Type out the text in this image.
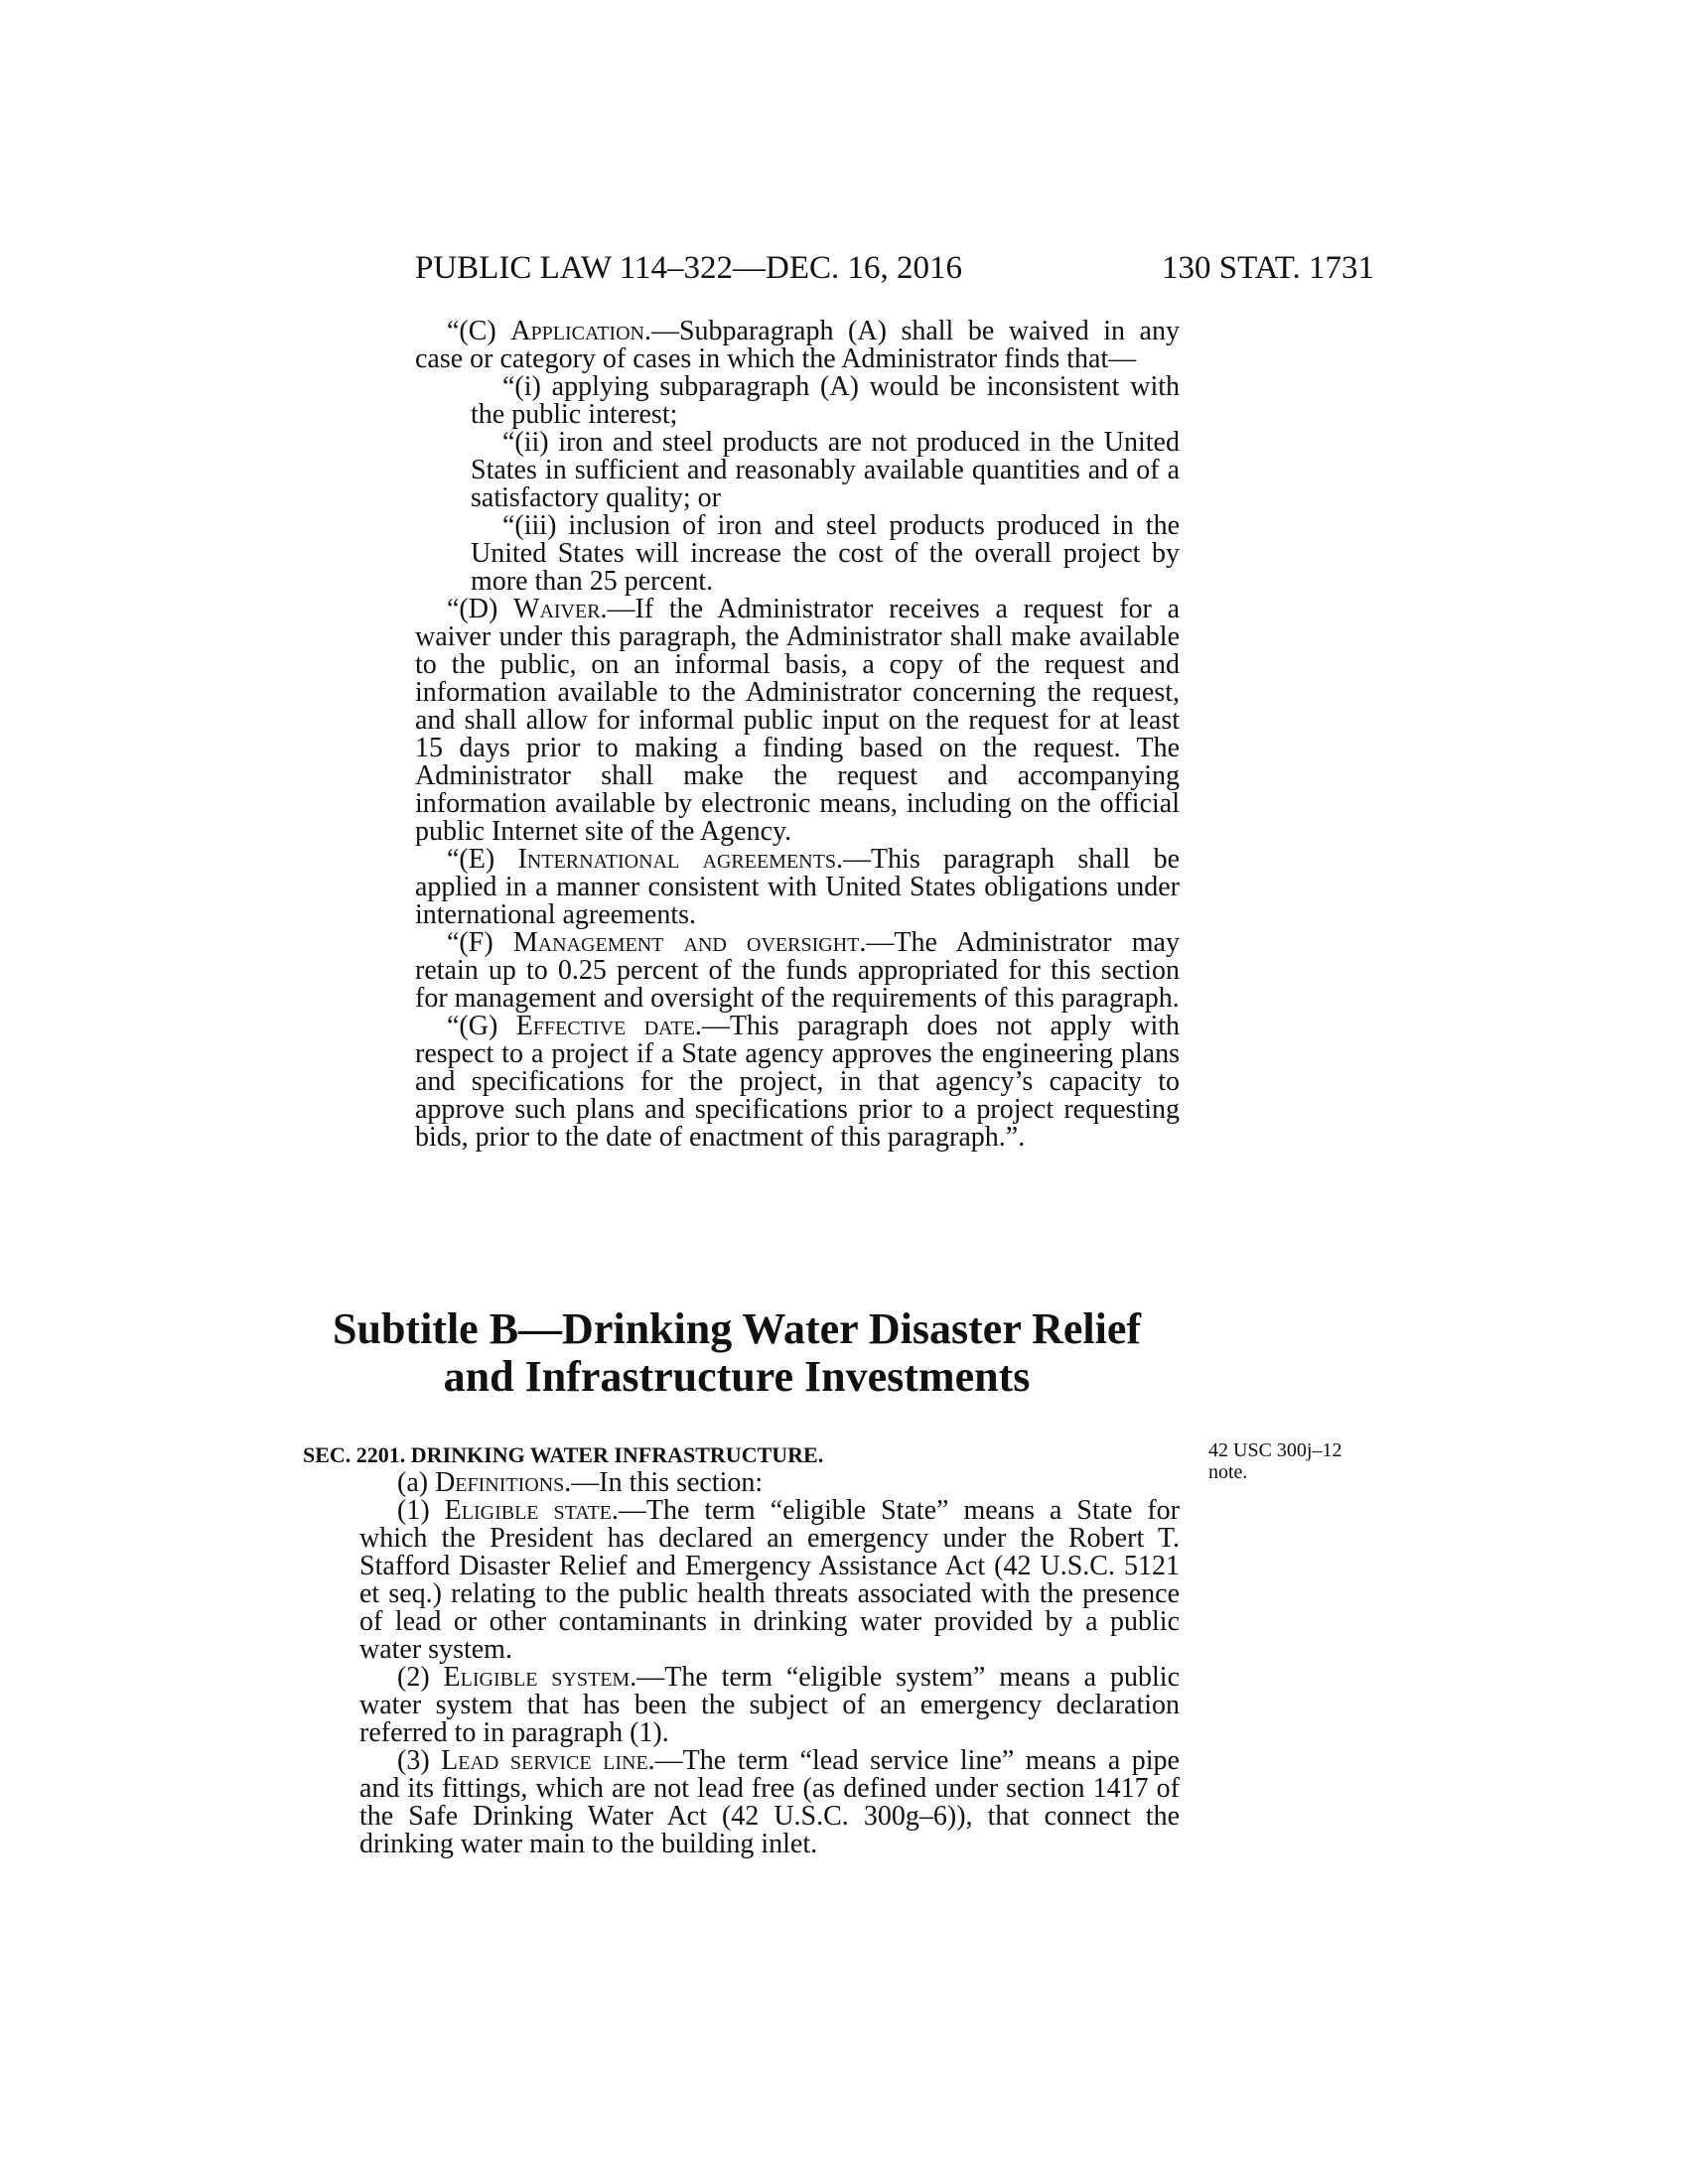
PUBLIC LAW 114–322—DEC. 16, 2016	130 STAT. 1731

“(C) Application.—Subparagraph (A) shall be waived in any case or category of cases in which the Administrator finds that—

“(i) applying subparagraph (A) would be inconsistent with the public interest;

“(ii) iron and steel products are not produced in the United States in sufficient and reasonably available quantities and of a satisfactory quality; or

“(iii) inclusion of iron and steel products produced in the United States will increase the cost of the overall project by more than 25 percent.

“(D) Waiver.—If the Administrator receives a request for a waiver under this paragraph, the Administrator shall make available to the public, on an informal basis, a copy of the request and information available to the Administrator concerning the request, and shall allow for informal public input on the request for at least 15 days prior to making a finding based on the request. The Administrator shall make the request and accompanying information available by electronic means, including on the official public Internet site of the Agency.

“(E) International agreements.—This paragraph shall be applied in a manner consistent with United States obligations under international agreements.

“(F) Management and oversight.—The Administrator may retain up to 0.25 percent of the funds appropriated for this section for management and oversight of the requirements of this paragraph.

“(G) Effective date.—This paragraph does not apply with respect to a project if a State agency approves the engineering plans and specifications for the project, in that agency’s capacity to approve such plans and specifications prior to a project requesting bids, prior to the date of enactment of this paragraph.”.

Subtitle B—Drinking Water Disaster Relief
and Infrastructure Investments
SEC. 2201. DRINKING WATER INFRASTRUCTURE.	42 USC 300j–12
note.

(a) Definitions.—In this section:

(1) Eligible state.—The term “eligible State” means a State for which the President has declared an emergency under the Robert T. Stafford Disaster Relief and Emergency Assistance Act (42 U.S.C. 5121 et seq.) relating to the public health threats associated with the presence of lead or other contaminants in drinking water provided by a public water system.

(2) Eligible system.—The term “eligible system” means a public water system that has been the subject of an emergency declaration referred to in paragraph (1).

(3) Lead service line.—The term “lead service line” means a pipe and its fittings, which are not lead free (as defined under section 1417 of the Safe Drinking Water Act (42 U.S.C. 300g–6)), that connect the drinking water main to the building inlet.
